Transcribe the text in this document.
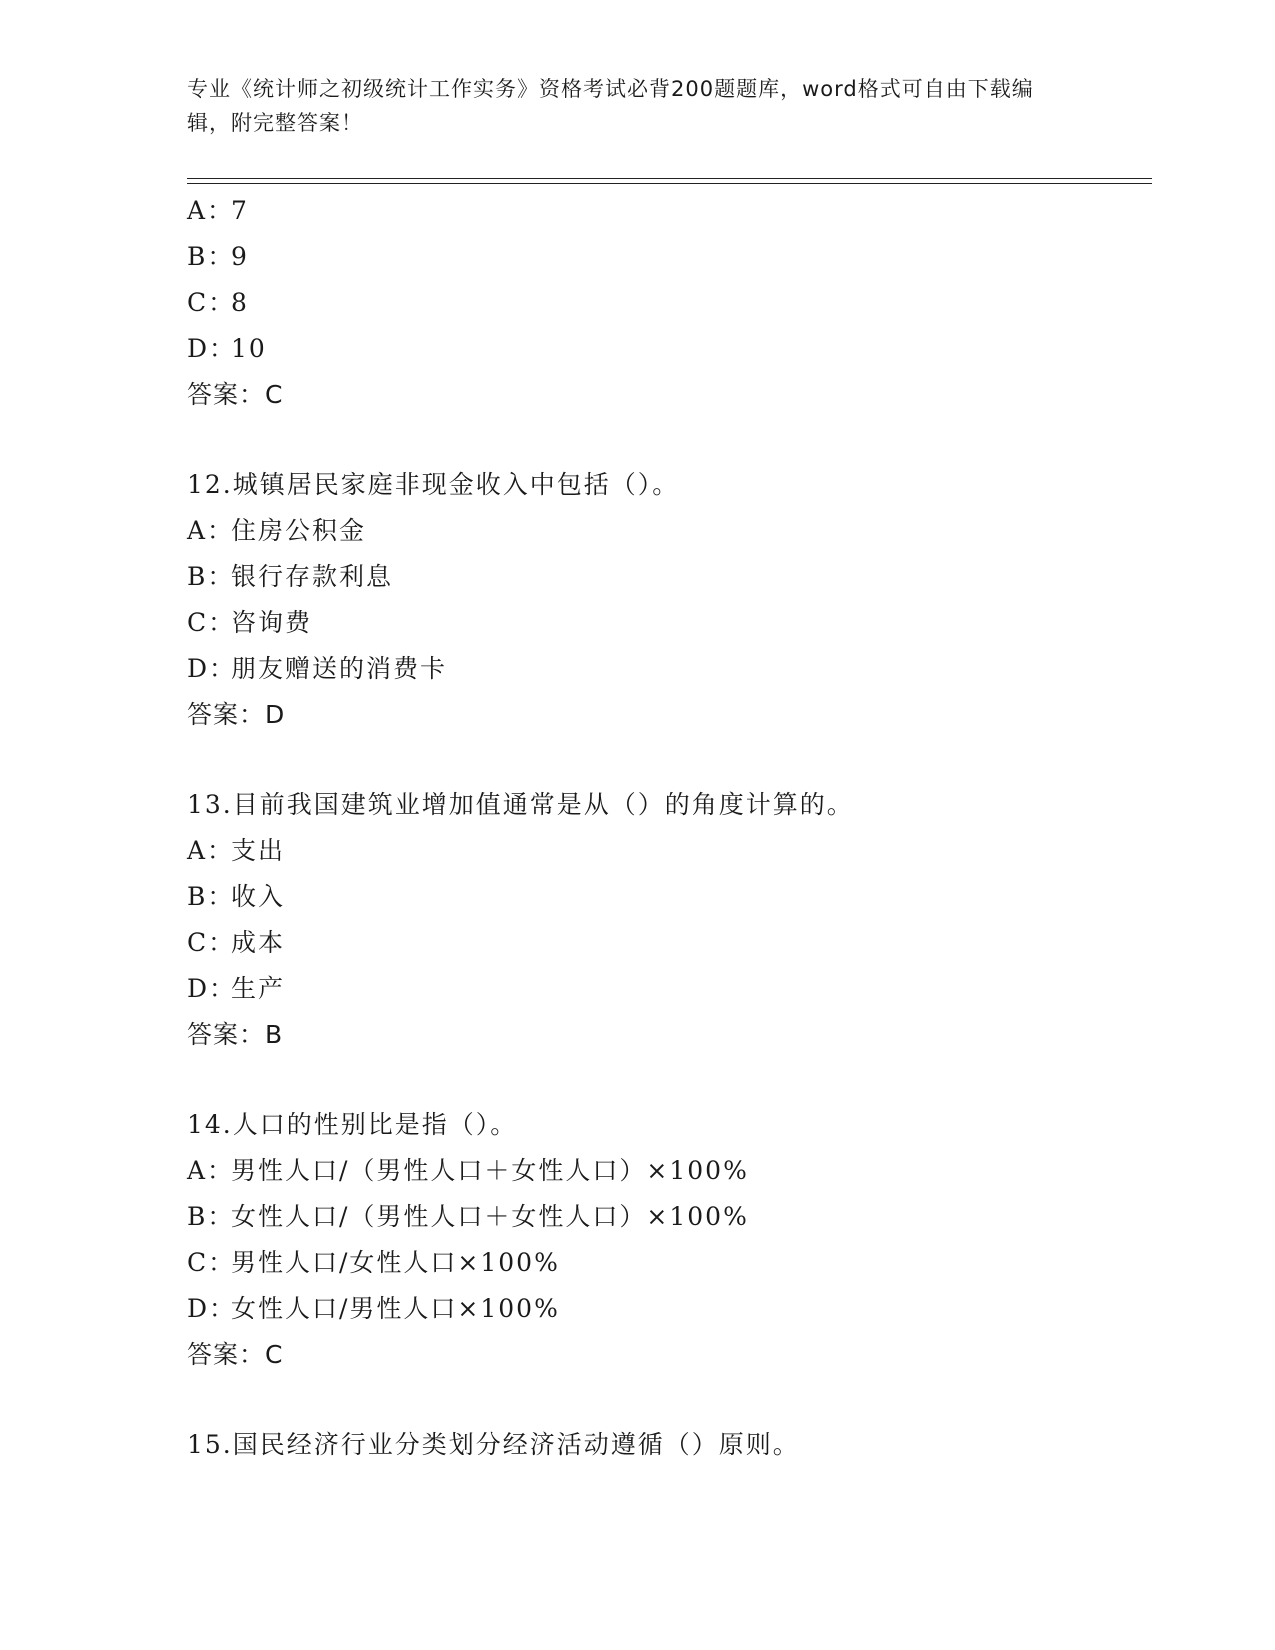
专业《统计师之初级统计工作实务》资格考试必背200题题库，word格式可自由下载编辑，附完整答案！
A：7
B：9
C：8
D：10
答案：C
12.城镇居民家庭非现金收入中包括（）。
A：住房公积金
B：银行存款利息
C：咨询费
D：朋友赠送的消费卡
答案：D
13.目前我国建筑业增加值通常是从（）的角度计算的。
A：支出
B：收入
C：成本
D：生产
答案：B
14.人口的性别比是指（）。
A：男性人口/（男性人口＋女性人口）×100%
B：女性人口/（男性人口＋女性人口）×100%
C：男性人口/女性人口×100%
D：女性人口/男性人口×100%
答案：C
15.国民经济行业分类划分经济活动遵循（）原则。
